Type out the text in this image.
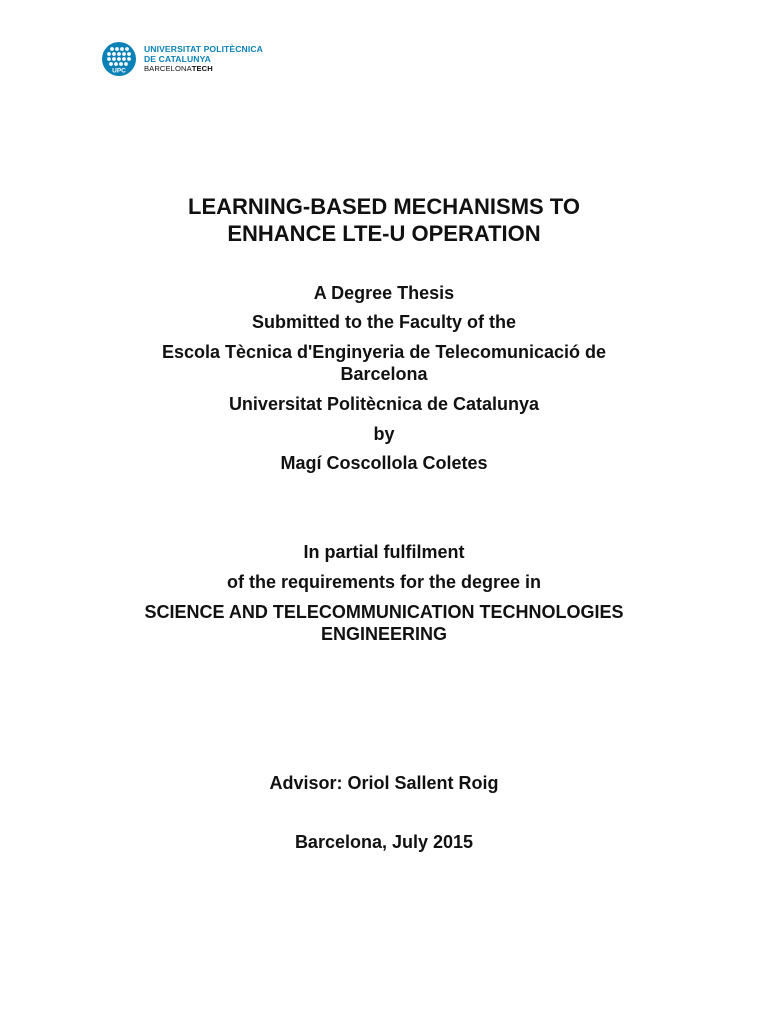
UPC
UNIVERSITAT POLITÈCNICA
DE CATALUNYA
BARCELONATECH
LEARNING-BASED MECHANISMS TO
ENHANCE LTE-U OPERATION

A Degree Thesis

Submitted to the Faculty of the

Escola Tècnica d'Enginyeria de Telecomunicació de
Barcelona

Universitat Politècnica de Catalunya

by

Magí Coscollola Coletes

In partial fulfilment

of the requirements for the degree in

SCIENCE AND TELECOMMUNICATION TECHNOLOGIES
ENGINEERING

Advisor: Oriol Sallent Roig

Barcelona, July 2015
